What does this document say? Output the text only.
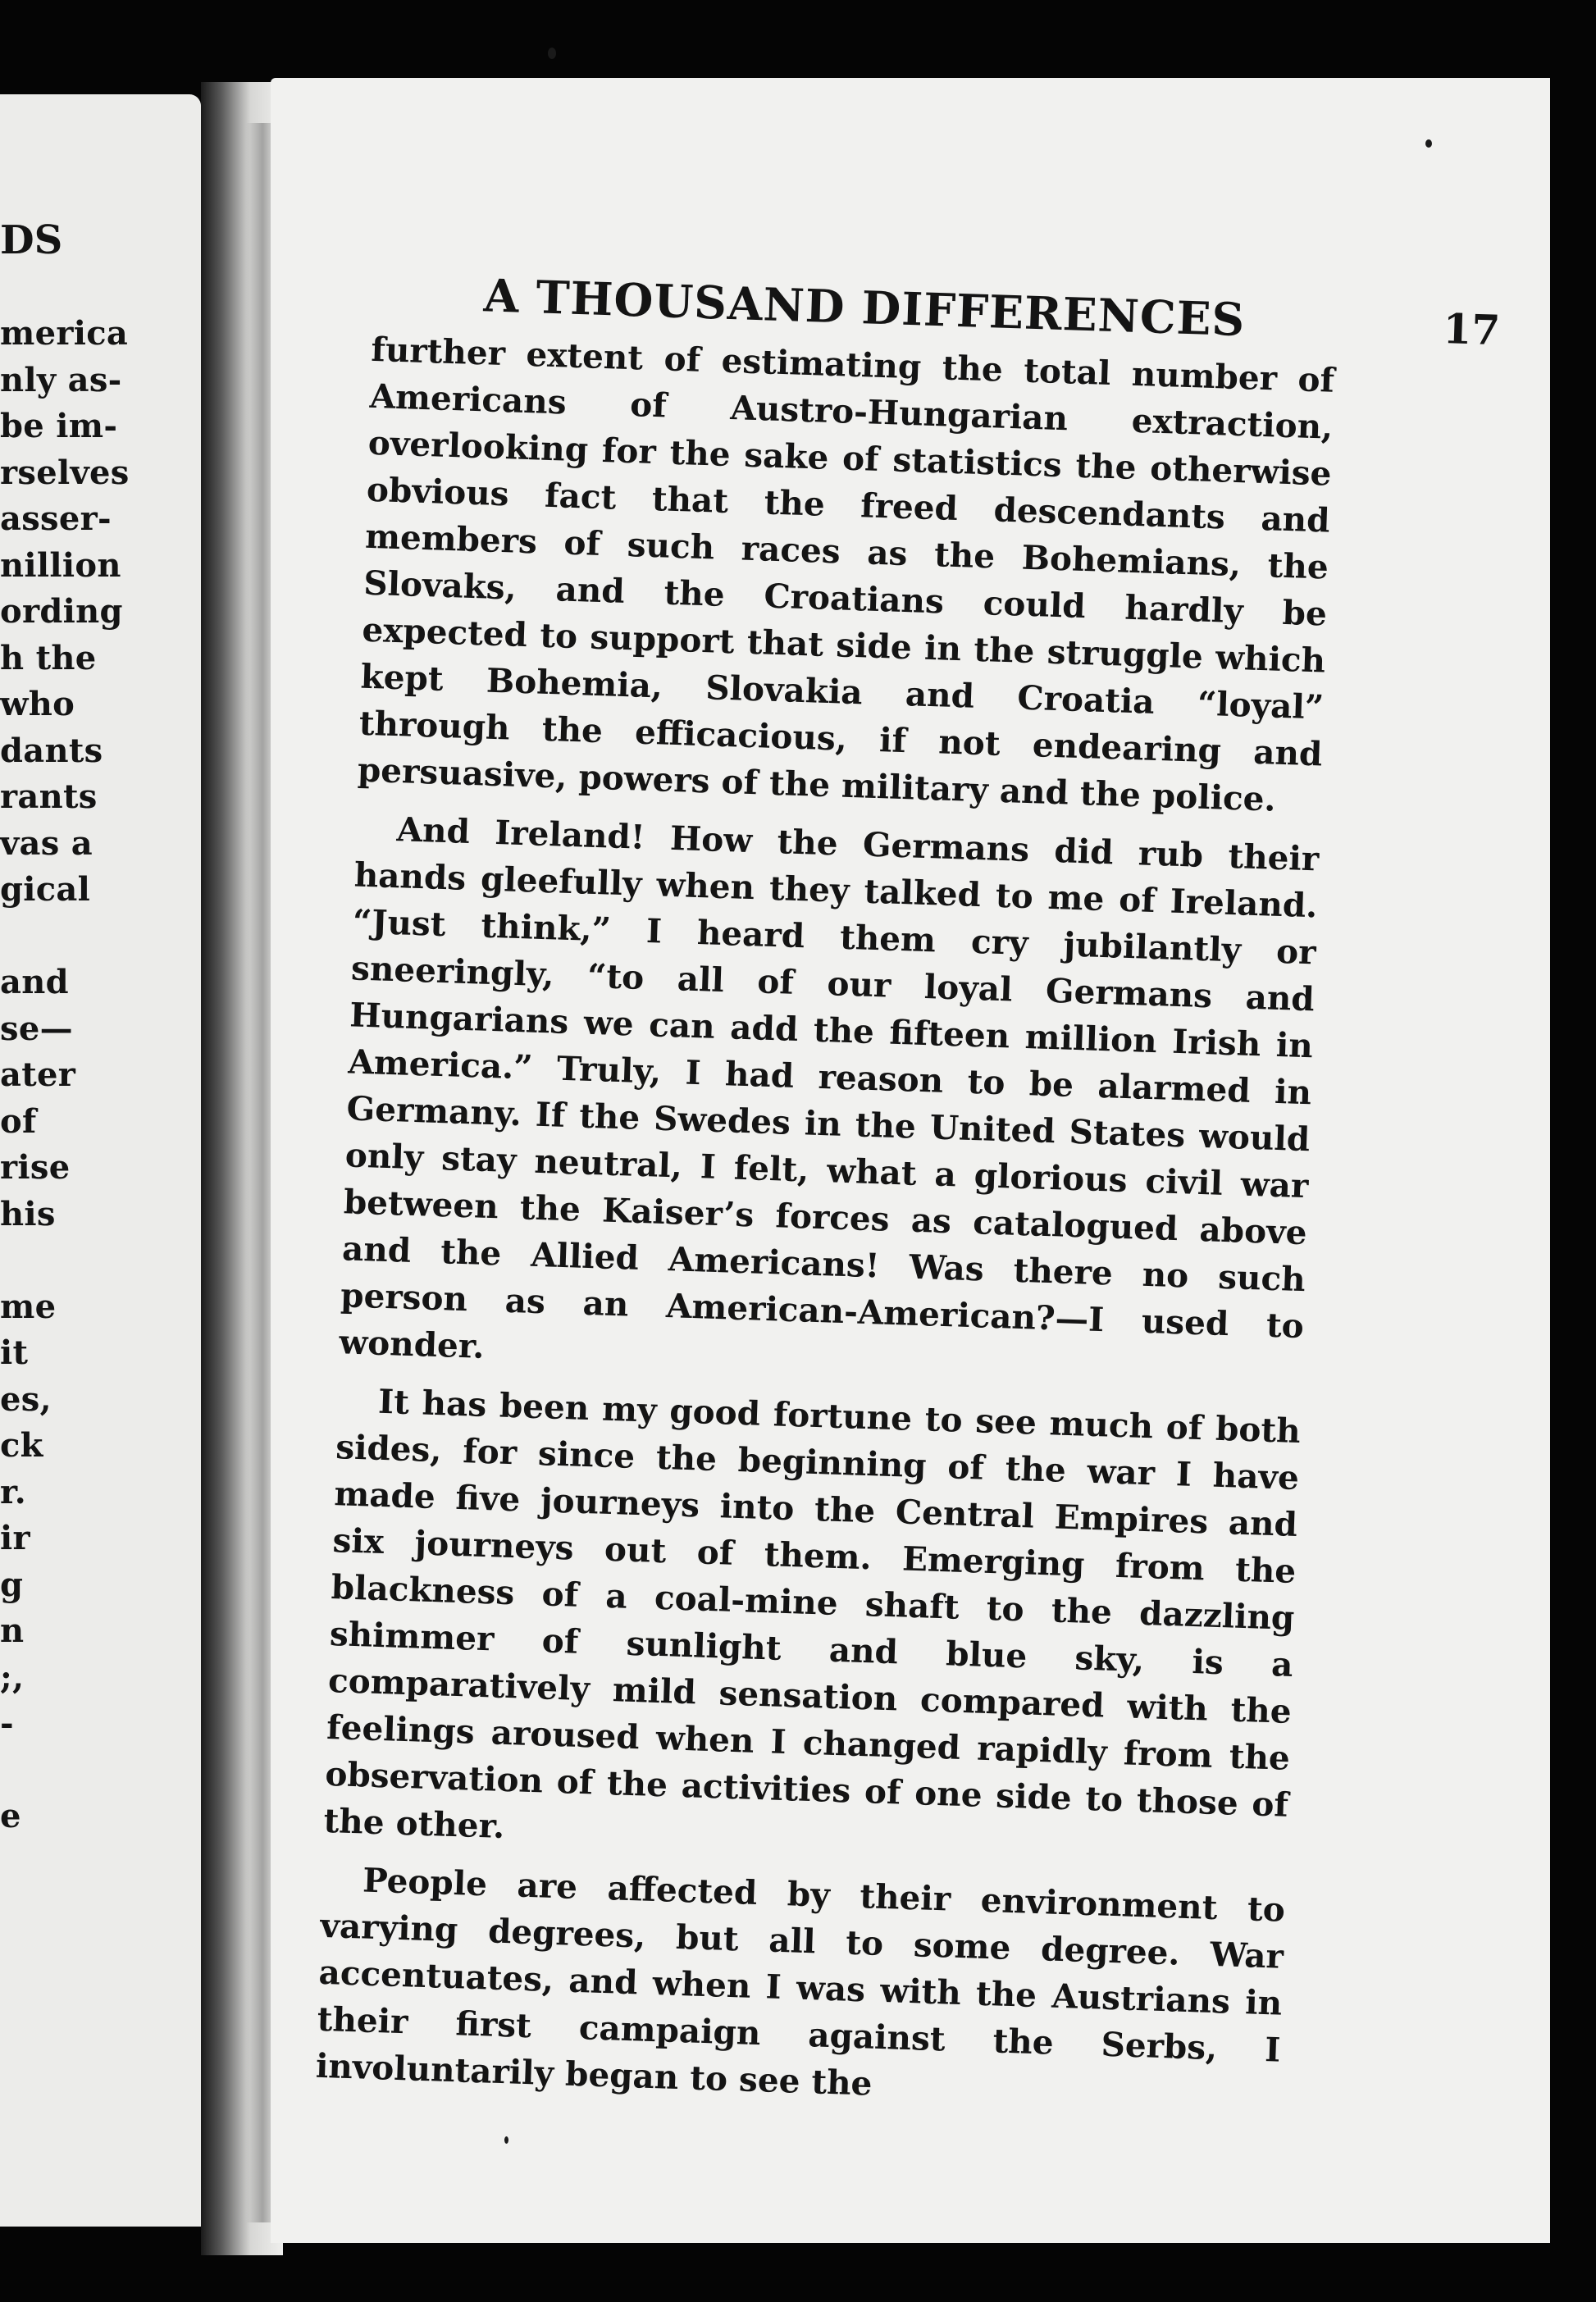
DS
merica
nly as-
be im-
rselves
asser-
nillion
ording
h the
who
dants
rants
vas a
gical
and
se—
ater
of
rise
his
me
it
es,
ck
r.
ir
g
n
;,
-
e
A THOUSAND DIFFERENCES	17

further extent of estimating the total number of Americans of Austro-Hungarian extraction, overlooking for the sake of statistics the otherwise obvious fact that the freed descendants and members of such races as the Bohemians, the Slovaks, and the Croatians could hardly be expected to support that side in the struggle which kept Bohemia, Slovakia and Croatia “loyal” through the efficacious, if not endearing and persuasive, powers of the military and the police.

And Ireland! How the Germans did rub their hands gleefully when they talked to me of Ireland. “Just think,” I heard them cry jubilantly or sneeringly, “to all of our loyal Germans and Hungarians we can add the fifteen million Irish in America.” Truly, I had reason to be alarmed in Germany. If the Swedes in the United States would only stay neutral, I felt, what a glorious civil war between the Kaiser’s forces as catalogued above and the Allied Americans! Was there no such person as an American-American?—I used to wonder.

It has been my good fortune to see much of both sides, for since the beginning of the war I have made five journeys into the Central Empires and six journeys out of them. Emerging from the blackness of a coal-mine shaft to the dazzling shimmer of sunlight and blue sky, is a comparatively mild sensation compared with the feelings aroused when I changed rapidly from the observation of the activities of one side to those of the other.

People are affected by their environment to varying degrees, but all to some degree. War accentuates, and when I was with the Austrians in their first campaign against the Serbs, I involuntarily began to see the
